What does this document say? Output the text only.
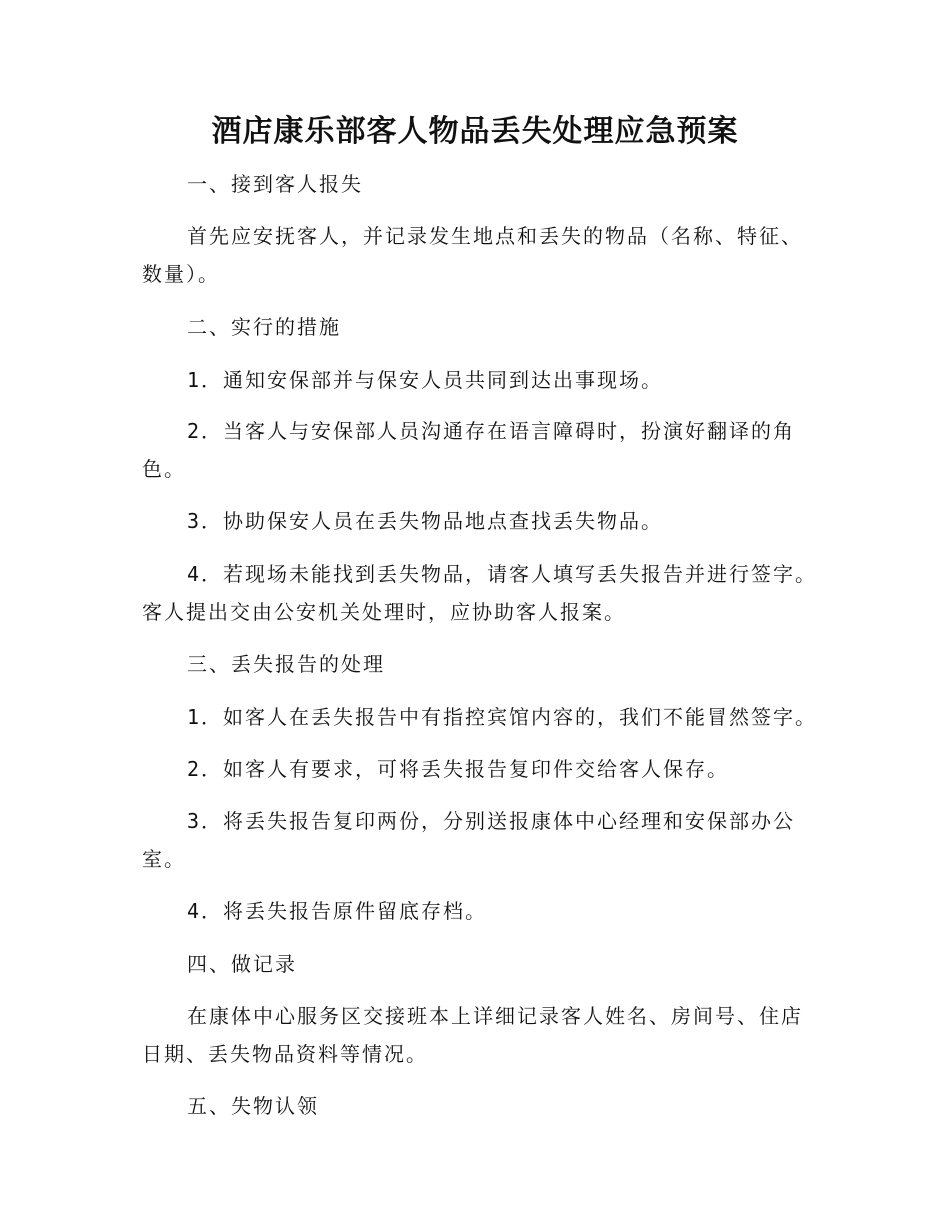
酒店康乐部客人物品丢失处理应急预案

一、接到客人报失

首先应安抚客人，并记录发生地点和丢失的物品（名称、特征、

数量）。

二、实行的措施

1．通知安保部并与保安人员共同到达出事现场。

2．当客人与安保部人员沟通存在语言障碍时，扮演好翻译的角

色。

3．协助保安人员在丢失物品地点查找丢失物品。

4．若现场未能找到丢失物品，请客人填写丢失报告并进行签字。

客人提出交由公安机关处理时，应协助客人报案。

三、丢失报告的处理

1．如客人在丢失报告中有指控宾馆内容的，我们不能冒然签字。

2．如客人有要求，可将丢失报告复印件交给客人保存。

3．将丢失报告复印两份，分别送报康体中心经理和安保部办公

室。

4．将丢失报告原件留底存档。

四、做记录

在康体中心服务区交接班本上详细记录客人姓名、房间号、住店

日期、丢失物品资料等情况。

五、失物认领
